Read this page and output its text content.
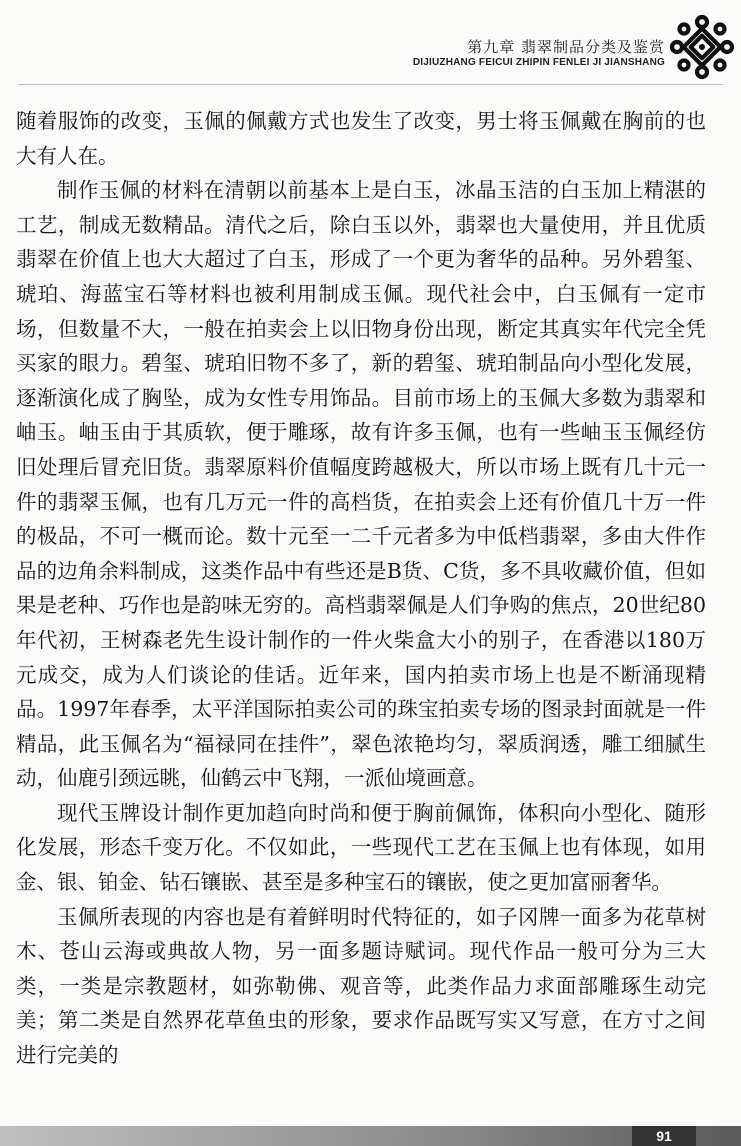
第九章 翡翠制品分类及鉴赏
DIJIUZHANG FEICUI ZHIPIN FENLEI JI JIANSHANG

随着服饰的改变，玉佩的佩戴方式也发生了改变，男士将玉佩戴在胸前的也大有人在。

制作玉佩的材料在清朝以前基本上是白玉，冰晶玉洁的白玉加上精湛的工艺，制成无数精品。清代之后，除白玉以外，翡翠也大量使用，并且优质翡翠在价值上也大大超过了白玉，形成了一个更为奢华的品种。另外碧玺、琥珀、海蓝宝石等材料也被利用制成玉佩。现代社会中，白玉佩有一定市场，但数量不大，一般在拍卖会上以旧物身份出现，断定其真实年代完全凭买家的眼力。碧玺、琥珀旧物不多了，新的碧玺、琥珀制品向小型化发展，逐渐演化成了胸坠，成为女性专用饰品。目前市场上的玉佩大多数为翡翠和岫玉。岫玉由于其质软，便于雕琢，故有许多玉佩，也有一些岫玉玉佩经仿旧处理后冒充旧货。翡翠原料价值幅度跨越极大，所以市场上既有几十元一件的翡翠玉佩，也有几万元一件的高档货，在拍卖会上还有价值几十万一件的极品，不可一概而论。数十元至一二千元者多为中低档翡翠，多由大件作品的边角余料制成，这类作品中有些还是B货、C货，多不具收藏价值，但如果是老种、巧作也是韵味无穷的。高档翡翠佩是人们争购的焦点，20世纪80年代初，王树森老先生设计制作的一件火柴盒大小的别子，在香港以180万元成交，成为人们谈论的佳话。近年来，国内拍卖市场上也是不断涌现精品。1997年春季，太平洋国际拍卖公司的珠宝拍卖专场的图录封面就是一件精品，此玉佩名为“福禄同在挂件”，翠色浓艳均匀，翠质润透，雕工细腻生动，仙鹿引颈远眺，仙鹤云中飞翔，一派仙境画意。

现代玉牌设计制作更加趋向时尚和便于胸前佩饰，体积向小型化、随形化发展，形态千变万化。不仅如此，一些现代工艺在玉佩上也有体现，如用金、银、铂金、钻石镶嵌、甚至是多种宝石的镶嵌，使之更加富丽奢华。

玉佩所表现的内容也是有着鲜明时代特征的，如子冈牌一面多为花草树木、苍山云海或典故人物，另一面多题诗赋词。现代作品一般可分为三大类，一类是宗教题材，如弥勒佛、观音等，此类作品力求面部雕琢生动完美；第二类是自然界花草鱼虫的形象，要求作品既写实又写意，在方寸之间进行完美的

91
